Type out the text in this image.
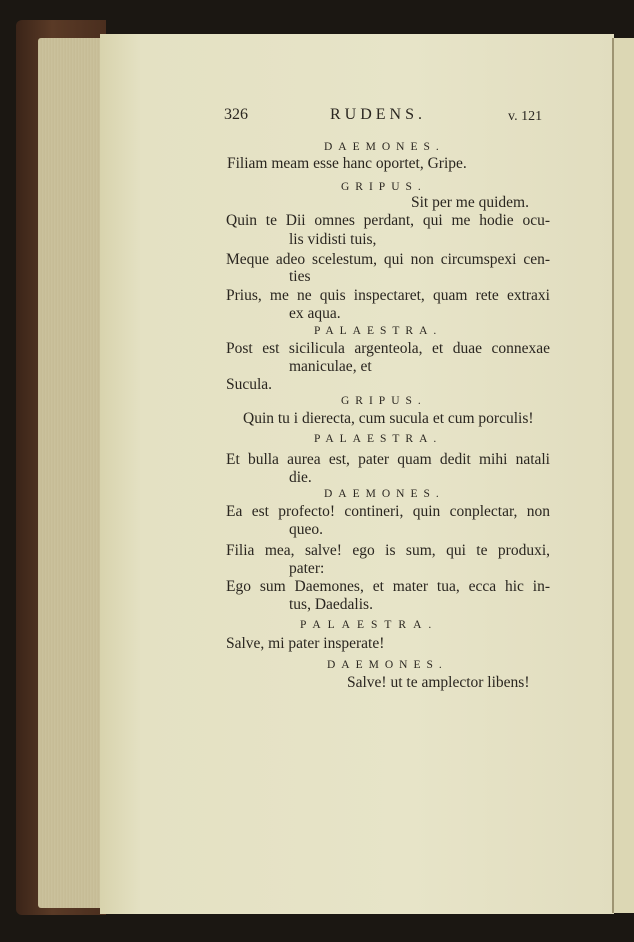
326	RUDENS.	v. 121
DAEMONES.
Filiam meam esse hanc oportet, Gripe.
GRIPUS.
Sit per me quidem.
Quin te Dii omnes perdant, qui me hodie ocu-
lis vidisti tuis,
Meque adeo scelestum, qui non circumspexi cen-
ties
Prius, me ne quis inspectaret, quam rete extraxi
ex aqua.
PALAESTRA.
Post est sicilicula argenteola, et duae connexae
maniculae, et
Sucula.
GRIPUS.
Quin tu i dierecta, cum sucula et cum porculis!
PALAESTRA.
Et bulla aurea est, pater quam dedit mihi natali
die.
DAEMONES.
Ea est profecto! contineri, quin conplectar, non
queo.
Filia mea, salve! ego is sum, qui te produxi,
pater:
Ego sum Daemones, et mater tua, ecca hic in-
tus, Daedalis.
PALAESTRA.
Salve, mi pater insperate!
DAEMONES.
Salve! ut te amplector libens!
